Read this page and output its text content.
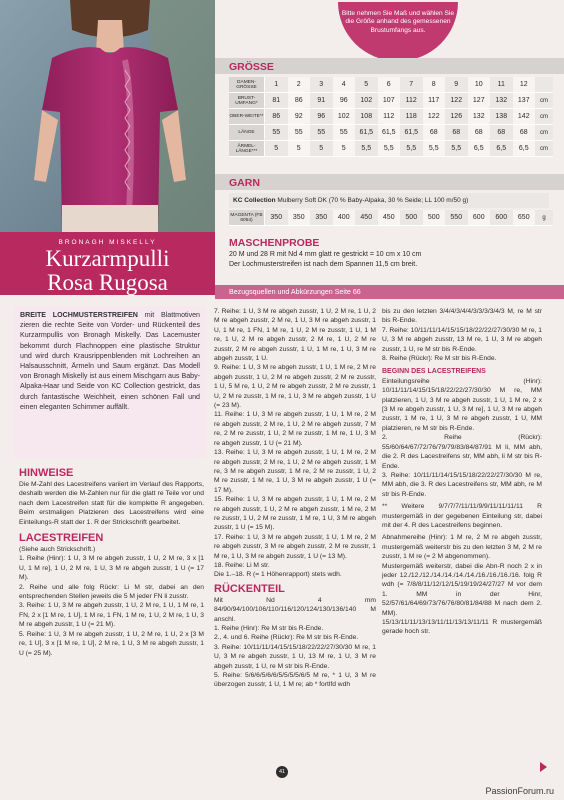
BRONAGH MISKELLY
Kurzarmpulli
Rosa Rugosa
BREITE LOCHMUSTERSTREIFEN mit Blattmotiven zieren die rechte Seite von Vorder- und Rückenteil des Kurzarmpullis von Bronagh Miskelly. Das Lacemuster bekommt durch Flachnoppen eine plastische Struktur und wird durch Krausrippenblenden mit Lochreihen an Halsausschnitt, Ärmeln und Saum ergänzt. Das Modell von Bronagh Miskelly ist aus einem Mischgarn aus Baby-Alpaka-Haar und Seide von KC Collection gestrickt, das durch fantastische Weichheit, einen schönen Fall und einen eleganten Schimmer auffällt.
Bitte nehmen Sie Maß und wählen Sie die Größe anhand des gemessenen Brustumfangs aus.
GRÖSSE
DAMEN-GRÖSSE	1	2	3	4	5	6	7	8	9	10	11	12	
BRUST-UMFANG*	81	86	91	96	102	107	112	117	122	127	132	137	cm
OBER-WEITE**	86	92	96	102	108	112	118	122	126	132	138	142	cm
LÄNGE	55	55	55	55	61,5	61,5	61,5	68	68	68	68	68	cm
ÄRMEL-LÄNGE***	5	5	5	5	5,5	5,5	5,5	5,5	5,5	6,5	6,5	6,5	cm
GARN
KC Collection Mulberry Soft DK (70 % Baby-Alpaka, 30 % Seide; LL 100 m/50 g)
MAGENTA (FB 6054)	350	350	350	400	450	450	500	500	550	600	600	650	g
MASCHENPROBE
20 M und 28 R mit Nd 4 mm glatt re gestrickt = 10 cm x 10 cm
Der Lochmusterstreifen ist nach dem Spannen 11,5 cm breit.
Bezugsquellen und Abkürzungen Seite 66
HINWEISE
Die M-Zahl des Lacestreifens variiert im Verlauf des Rapports, deshalb werden die M-Zahlen nur für die glatt re Teile vor und nach dem Lacestreifen statt für die komplette R angegeben. Beim erstmaligen Platzieren des Lacestreifens wird eine Einteilungs-R statt der 1. R der Strickschrift gearbeitet.
LACESTREIFEN
(Siehe auch Strickschrift.)
1. Reihe (Hinr): 1 U, 3 M re abgeh zusstr, 1 U, 2 M re, 3 x [1 U, 1 M re], 1 U, 2 M re, 1 U, 3 M re abgeh zusstr, 1 U (= 17 M).
2. Reihe und alle folg Rückr: Li M str, dabei an den entsprechenden Stellen jeweils die 5 M jeder FN li zusstr.
3. Reihe: 1 U, 3 M re abgeh zusstr, 1 U, 2 M re, 1 U, 1 M re, 1 FN, 2 x [1 M re, 1 U], 1 M re, 1 FN, 1 M re, 1 U, 2 M re, 1 U, 3 M re abgeh zusstr, 1 U (= 21 M).
5. Reihe: 1 U, 3 M re abgeh zusstr, 1 U, 2 M re, 1 U, 2 x [3 M re, 1 U], 3 x [1 M re, 1 U], 2 M re, 1 U, 3 M re abgeh zusstr, 1 U (= 25 M).
7. Reihe: 1 U, 3 M re abgeh zusstr, 1 U, 2 M re, 1 U, 2 M re abgeh zusstr, 2 M re, 1 U, 3 M re abgeh zusstr, 1 U, 1 M re, 1 FN, 1 M re, 1 U, 2 M re zusstr, 1 U, 1 M re, 1 U, 2 M re abgeh zusstr, 2 M re, 1 U, 2 M re zusstr, 2 M re abgeh zusstr, 1 U, 1 M re, 1 U, 3 M re abgeh zusstr, 1 U.
9. Reihe: 1 U, 3 M re abgeh zusstr, 1 U, 1 M re, 2 M re abgeh zusstr, 1 U, 2 M re abgeh zusstr, 2 M re zusstr, 1 U, 5 M re, 1 U, 2 M re abgeh zusstr, 2 M re zusstr, 1 U, 2 M re zusstr, 1 M re, 1 U, 3 M re abgeh zusstr, 1 U (= 23 M).
11. Reihe: 1 U, 3 M re abgeh zusstr, 1 U, 1 M re, 2 M re abgeh zusstr, 2 M re, 1 U, 2 M re abgeh zusstr, 7 M re, 2 M re zusstr, 1 U, 2 M re zusstr, 1 M re, 1 U, 3 M re abgeh zusstr, 1 U (= 21 M).
13. Reihe: 1 U, 3 M re abgeh zusstr, 1 U, 1 M re, 2 M re abgeh zusstr, 2 M re, 1 U, 2 M re abgeh zusstr, 1 M re, 3 M re abgeh zusstr, 1 M re, 2 M re zusstr, 1 U, 2 M re zusstr, 1 M re, 1 U, 3 M re abgeh zusstr, 1 U (= 17 M).
15. Reihe: 1 U, 3 M re abgeh zusstr, 1 U, 1 M re, 2 M re abgeh zusstr, 1 U, 2 M re abgeh zusstr, 1 M re, 2 M re zusstr, 1 U, 2 M re zusstr, 1 M re, 1 U, 3 M re abgeh zusstr, 1 U (= 15 M).
17. Reihe: 1 U, 3 M re abgeh zusstr, 1 U, 1 M re, 2 M re abgeh zusstr, 3 M re abgeh zusstr, 2 M re zusstr, 1 M re, 1 U, 3 M re abgeh zusstr, 1 U (= 13 M).
18. Reihe: Li M str.
Die 1.–18. R (= 1 Höhenrapport) stets wdh.
RÜCKENTEIL
Mit Nd 4 mm 84/90/94/100/106/110/116/120/124/130/136/140 M anschl.
1. Reihe (Hinr): Re M str bis R-Ende.
2., 4. und 6. Reihe (Rückr): Re M str bis R-Ende.
3. Reihe: 10/11/11/14/15/15/18/22/22/27/30/30 M re, 1 U, 3 M re abgeh zusstr, 1 U, 13 M re, 1 U, 3 M re abgeh zusstr, 1 U, re M str bis R-Ende.
5. Reihe: 5/6/6/5/6/6/5/5/5/5/6/5 M re, * 1 U, 3 M re überzogen zusstr, 1 U, 1 M re; ab * fortlfd wdh
bis zu den letzten 3/4/4/3/4/4/3/3/3/3/4/3 M, re M str bis R-Ende.
7. Reihe: 10/11/11/14/15/15/18/22/22/27/30/30 M re, 1 U, 3 M re abgeh zusstr, 13 M re, 1 U, 3 M re abgeh zusstr, 1 U, re M str bis R-Ende.
8. Reihe (Rückr): Re M str bis R-Ende.
BEGINN DES LACESTREIFENS
Einteilungsreihe (Hinr): 10/11/11/14/15/15/18/22/22/27/30/30 M re, MM platzieren, 1 U, 3 M re abgeh zusstr, 1 U, 1 M re, 2 x [3 M re abgeh zusstr, 1 U, 3 M re], 1 U, 3 M re abgeh zusstr, 1 M re, 1 U, 3 M re abgeh zusstr, 1 U, MM platzieren, re M str bis R-Ende.
2. Reihe (Rückr): 55/60/64/67/72/76/79/79/83/84/87/91 M li, MM abh, die 2. R des Lacestreifens str, MM abh, li M str bis R-Ende.
3. Reihe: 10/11/11/14/15/15/18/22/22/27/30/30 M re, MM abh, die 3. R des Lacestreifens str, MM abh, re M str bis R-Ende.
** Weitere 9/7/7/7/11/11/9/9/11/11/11/11 R mustergemäß in der gegebenen Einteilung str, dabei mit der 4. R des Lacestreifens beginnen.
Abnahmereihe (Hinr): 1 M re, 2 M re abgeh zusstr, mustergemäß weiterstr bis zu den letzten 3 M, 2 M re zusstr, 1 M re (= 2 M abgenommen).
Mustergemäß weiterstr, dabei die Abn-R noch 2 x in jeder 12./12./12./14./14./14./14./16./16./16./16. folg R wdh (= 7/8/8/11/12/12/15/19/19/24/27/27 M vor dem 1. MM in der Hinr, 52/57/61/64/69/73/76/76/80/81/84/88 M nach dem 2. MM).
15/13/11/11/13/13/11/11/13/13/11/11 R mustergemäß gerade hoch str.
41
PassionForum.ru
